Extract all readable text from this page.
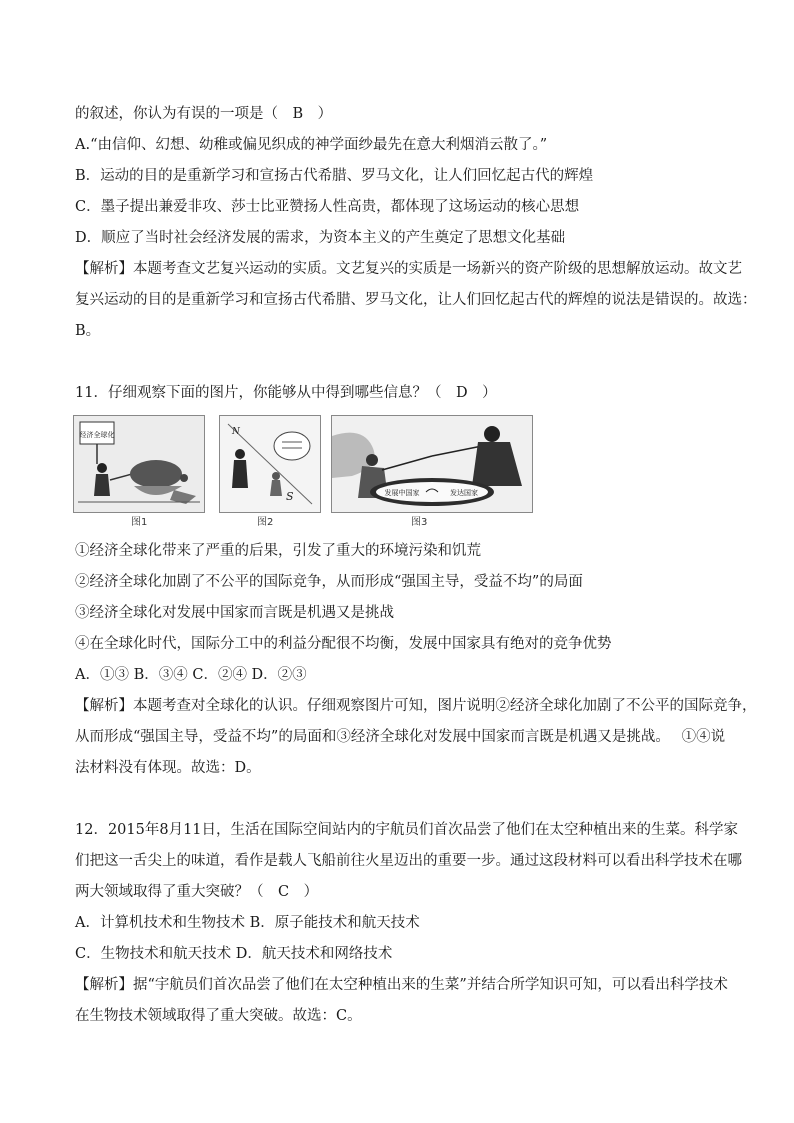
的叙述，你认为有误的一项是（　B　）
A.“由信仰、幻想、幼稚或偏见织成的神学面纱最先在意大利烟消云散了。”
B．运动的目的是重新学习和宣扬古代希腊、罗马文化，让人们回忆起古代的辉煌
C．墨子提出兼爱非攻、莎士比亚赞扬人性高贵，都体现了这场运动的核心思想
D．顺应了当时社会经济发展的需求，为资本主义的产生奠定了思想文化基础
【解析】本题考查文艺复兴运动的实质。文艺复兴的实质是一场新兴的资产阶级的思想解放运动。故文艺
复兴运动的目的是重新学习和宣扬古代希腊、罗马文化，让人们回忆起古代的辉煌的说法是错误的。故选：
B。
11．仔细观察下面的图片，你能够从中得到哪些信息？（　D　）
经济全球化
图1
N
S
图2
发展中国家	发达国家
图3
①经济全球化带来了严重的后果，引发了重大的环境污染和饥荒
②经济全球化加剧了不公平的国际竞争，从而形成“强国主导，受益不均”的局面
③经济全球化对发展中国家而言既是机遇又是挑战
④在全球化时代，国际分工中的利益分配很不均衡，发展中国家具有绝对的竞争优势
A．①③ B．③④ C．②④ D．②③
【解析】本题考查对全球化的认识。仔细观察图片可知，图片说明②经济全球化加剧了不公平的国际竞争，
从而形成“强国主导，受益不均”的局面和③经济全球化对发展中国家而言既是机遇又是挑战。　 ①④说
法材料没有体现。故选：D。
12．2015年8月11日，生活在国际空间站内的宇航员们首次品尝了他们在太空种植出来的生菜。科学家
们把这一舌尖上的味道，看作是载人飞船前往火星迈出的重要一步。通过这段材料可以看出科学技术在哪
两大领域取得了重大突破？（　C　）
A．计算机技术和生物技术 B．原子能技术和航天技术
C．生物技术和航天技术 D．航天技术和网络技术
【解析】据“宇航员们首次品尝了他们在太空种植出来的生菜”并结合所学知识可知，可以看出科学技术
在生物技术领域取得了重大突破。故选：C。
